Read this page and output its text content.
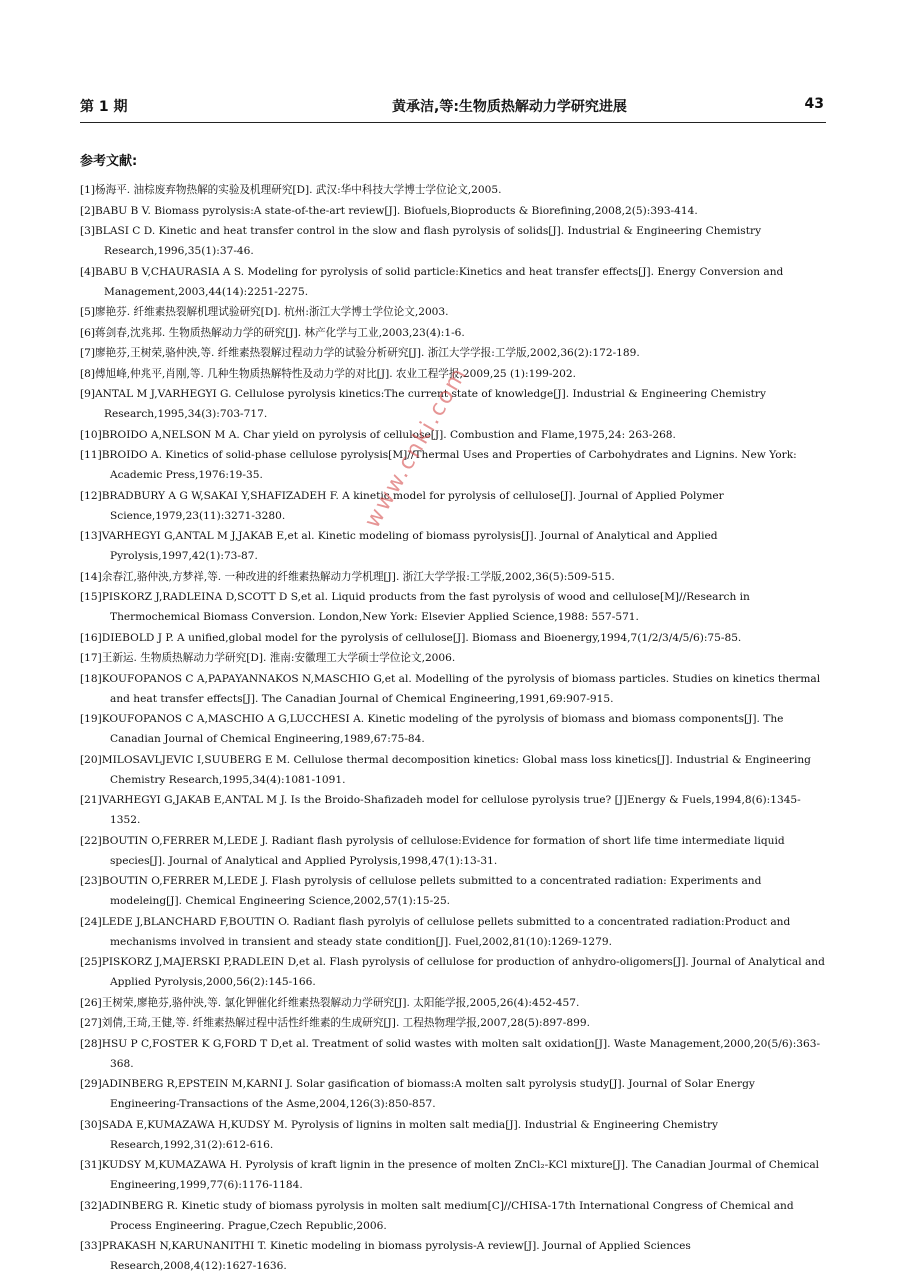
第 1 期	黄承洁,等:生物质热解动力学研究进展	43
参考文献:

[1]杨海平. 油棕废弃物热解的实验及机理研究[D]. 武汉:华中科技大学博士学位论文,2005.

[2]BABU B V. Biomass pyrolysis:A state-of-the-art review[J]. Biofuels,Bioproducts & Biorefining,2008,2(5):393-414.

[3]BLASI C D. Kinetic and heat transfer control in the slow and flash pyrolysis of solids[J]. Industrial & Engineering Chemistry Research,1996,35(1):37-46.

[4]BABU B V,CHAURASIA A S. Modeling for pyrolysis of solid particle:Kinetics and heat transfer effects[J]. Energy Conversion and Management,2003,44(14):2251-2275.

[5]廖艳芬. 纤维素热裂解机理试验研究[D]. 杭州:浙江大学博士学位论文,2003.

[6]蒋剑春,沈兆邦. 生物质热解动力学的研究[J]. 林产化学与工业,2003,23(4):1-6.

[7]廖艳芬,王树荣,骆仲泱,等. 纤维素热裂解过程动力学的试验分析研究[J]. 浙江大学学报:工学版,2002,36(2):172-189.

[8]傅旭峰,仲兆平,肖刚,等. 几种生物质热解特性及动力学的对比[J]. 农业工程学报,2009,25 (1):199-202.

[9]ANTAL M J,VARHEGYI G. Cellulose pyrolysis kinetics:The current state of knowledge[J]. Industrial & Engineering Chemistry Research,1995,34(3):703-717.

[10]BROIDO A,NELSON M A. Char yield on pyrolysis of cellulose[J]. Combustion and Flame,1975,24: 263-268.

[11]BROIDO A. Kinetics of solid-phase cellulose pyrolysis[M]//Thermal Uses and Properties of Carbohydrates and Lignins. New York: Academic Press,1976:19-35.

[12]BRADBURY A G W,SAKAI Y,SHAFIZADEH F. A kinetic model for pyrolysis of cellulose[J]. Journal of Applied Polymer Science,1979,23(11):3271-3280.

[13]VARHEGYI G,ANTAL M J,JAKAB E,et al. Kinetic modeling of biomass pyrolysis[J]. Journal of Analytical and Applied Pyrolysis,1997,42(1):73-87.

[14]余春江,骆仲泱,方梦祥,等. 一种改进的纤维素热解动力学机理[J]. 浙江大学学报:工学版,2002,36(5):509-515.

[15]PISKORZ J,RADLEINA D,SCOTT D S,et al. Liquid products from the fast pyrolysis of wood and cellulose[M]//Research in Thermochemical Biomass Conversion. London,New York: Elsevier Applied Science,1988: 557-571.

[16]DIEBOLD J P. A unified,global model for the pyrolysis of cellulose[J]. Biomass and Bioenergy,1994,7(1/2/3/4/5/6):75-85.

[17]王新运. 生物质热解动力学研究[D]. 淮南:安徽理工大学硕士学位论文,2006.

[18]KOUFOPANOS C A,PAPAYANNAKOS N,MASCHIO G,et al. Modelling of the pyrolysis of biomass particles. Studies on kinetics thermal and heat transfer effects[J]. The Canadian Journal of Chemical Engineering,1991,69:907-915.

[19]KOUFOPANOS C A,MASCHIO A G,LUCCHESI A. Kinetic modeling of the pyrolysis of biomass and biomass components[J]. The Canadian Journal of Chemical Engineering,1989,67:75-84.

[20]MILOSAVLJEVIC I,SUUBERG E M. Cellulose thermal decomposition kinetics: Global mass loss kinetics[J]. Industrial & Engineering Chemistry Research,1995,34(4):1081-1091.

[21]VARHEGYI G,JAKAB E,ANTAL M J. Is the Broido-Shafizadeh model for cellulose pyrolysis true? [J]Energy & Fuels,1994,8(6):1345-1352.

[22]BOUTIN O,FERRER M,LEDE J. Radiant flash pyrolysis of cellulose:Evidence for formation of short life time intermediate liquid species[J]. Journal of Analytical and Applied Pyrolysis,1998,47(1):13-31.

[23]BOUTIN O,FERRER M,LEDE J. Flash pyrolysis of cellulose pellets submitted to a concentrated radiation: Experiments and modeleing[J]. Chemical Engineering Science,2002,57(1):15-25.

[24]LEDE J,BLANCHARD F,BOUTIN O. Radiant flash pyrolyis of cellulose pellets submitted to a concentrated radiation:Product and mechanisms involved in transient and steady state condition[J]. Fuel,2002,81(10):1269-1279.

[25]PISKORZ J,MAJERSKI P,RADLEIN D,et al. Flash pyrolysis of cellulose for production of anhydro-oligomers[J]. Journal of Analytical and Applied Pyrolysis,2000,56(2):145-166.

[26]王树荣,廖艳芬,骆仲泱,等. 氯化钾催化纤维素热裂解动力学研究[J]. 太阳能学报,2005,26(4):452-457.

[27]刘倩,王琦,王健,等. 纤维素热解过程中活性纤维素的生成研究[J]. 工程热物理学报,2007,28(5):897-899.

[28]HSU P C,FOSTER K G,FORD T D,et al. Treatment of solid wastes with molten salt oxidation[J]. Waste Management,2000,20(5/6):363-368.

[29]ADINBERG R,EPSTEIN M,KARNI J. Solar gasification of biomass:A molten salt pyrolysis study[J]. Journal of Solar Energy Engineering-Transactions of the Asme,2004,126(3):850-857.

[30]SADA E,KUMAZAWA H,KUDSY M. Pyrolysis of lignins in molten salt media[J]. Industrial & Engineering Chemistry Research,1992,31(2):612-616.

[31]KUDSY M,KUMAZAWA H. Pyrolysis of kraft lignin in the presence of molten ZnCl₂-KCl mixture[J]. The Canadian Jourmal of Chemical Engineering,1999,77(6):1176-1184.

[32]ADINBERG R. Kinetic study of biomass pyrolysis in molten salt medium[C]//CHISA-17th International Congress of Chemical and Process Engineering. Prague,Czech Republic,2006.

[33]PRAKASH N,KARUNANITHI T. Kinetic modeling in biomass pyrolysis-A review[J]. Journal of Applied Sciences Research,2008,4(12):1627-1636.

www.cnki.com
